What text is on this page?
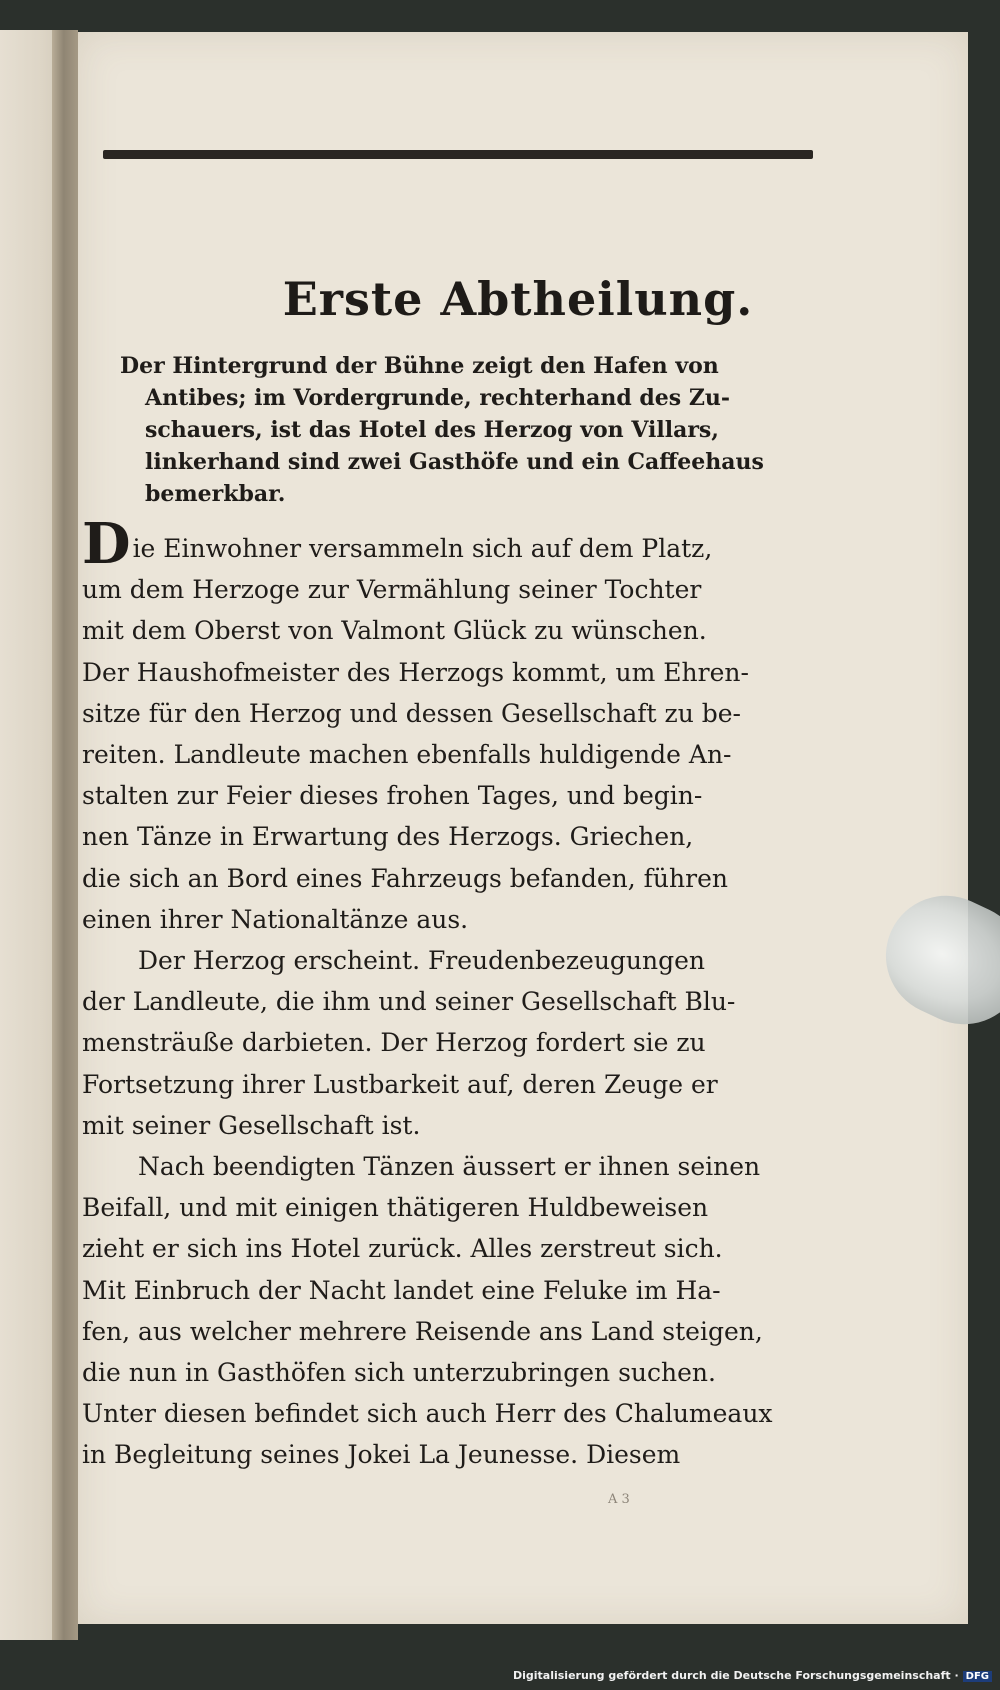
Erste Abtheilung.
Der Hintergrund der Bühne zeigt den Hafen von
Antibes; im Vordergrunde, rechterhand des Zu-
schauers, ist das Hotel des Herzog von Villars,
linkerhand sind zwei Gasthöfe und ein Caffeehaus
bemerkbar.
Die Einwohner versammeln sich auf dem Platz,
um dem Herzoge zur Vermählung seiner Tochter
mit dem Oberst von Valmont Glück zu wünschen.
Der Haushofmeister des Herzogs kommt, um Ehren-
sitze für den Herzog und dessen Gesellschaft zu be-
reiten. Landleute machen ebenfalls huldigende An-
stalten zur Feier dieses frohen Tages, und begin-
nen Tänze in Erwartung des Herzogs. Griechen,
die sich an Bord eines Fahrzeugs befanden, führen
einen ihrer Nationaltänze aus.
Der Herzog erscheint. Freudenbezeugungen
der Landleute, die ihm und seiner Gesellschaft Blu-
mensträuße darbieten. Der Herzog fordert sie zu
Fortsetzung ihrer Lustbarkeit auf, deren Zeuge er
mit seiner Gesellschaft ist.
Nach beendigten Tänzen äussert er ihnen seinen
Beifall, und mit einigen thätigeren Huldbeweisen
zieht er sich ins Hotel zurück. Alles zerstreut sich.
Mit Einbruch der Nacht landet eine Feluke im Ha-
fen, aus welcher mehrere Reisende ans Land steigen,
die nun in Gasthöfen sich unterzubringen suchen.
Unter diesen befindet sich auch Herr des Chalumeaux
in Begleitung seines Jokei La Jeunesse. Diesem
A 3
Digitalisierung gefördert durch die Deutsche Forschungsgemeinschaft · DFG
